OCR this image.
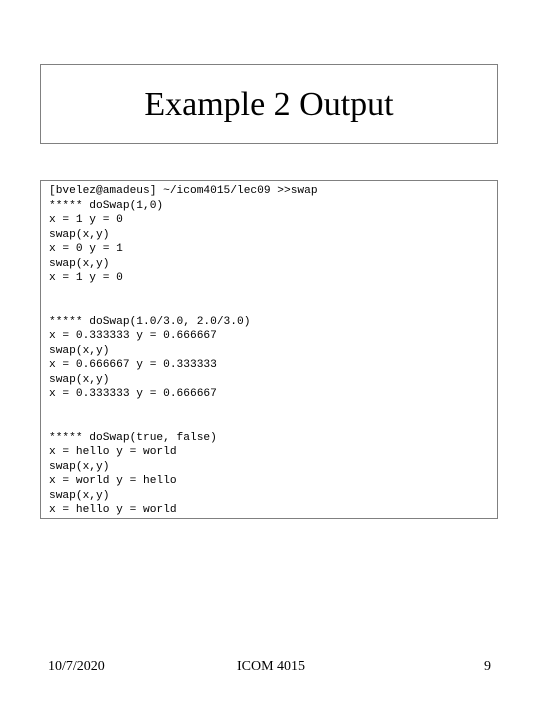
Example 2 Output
[bvelez@amadeus] ~/icom4015/lec09 >>swap
***** doSwap(1,0)
x = 1 y = 0
swap(x,y)
x = 0 y = 1
swap(x,y)
x = 1 y = 0
***** doSwap(1.0/3.0, 2.0/3.0)
x = 0.333333 y = 0.666667
swap(x,y)
x = 0.666667 y = 0.333333
swap(x,y)
x = 0.333333 y = 0.666667
***** doSwap(true, false)
x = hello y = world
swap(x,y)
x = world y = hello
swap(x,y)
x = hello y = world
10/7/2020	ICOM 4015	9
